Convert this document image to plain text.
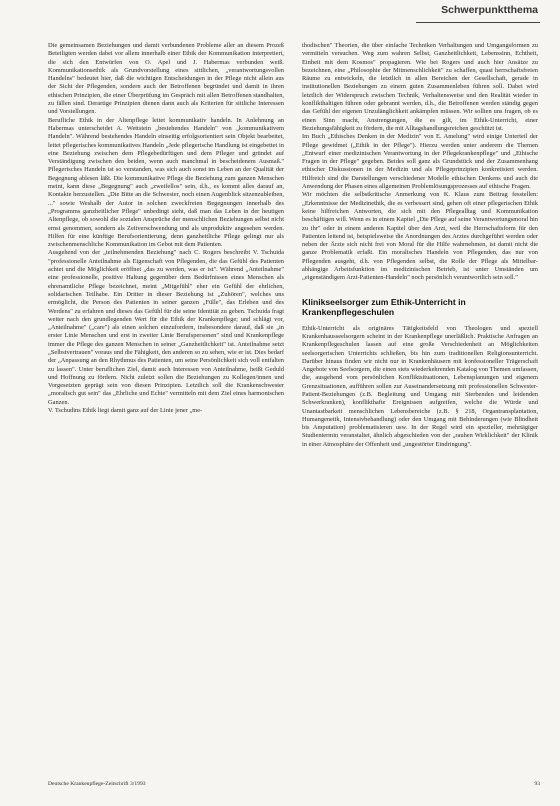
Schwerpunktthema

Die gemeinsamen Beziehungen und damit verbundenen Probleme aller an diesem Prozeß Beteiligten werden dabei vor allem innerhalb einer Ethik der Kommunikation interpretiert, die sich den Entwürfen von O. Apel und J. Habermas verbunden weiß. Kommunikationsethik als Grundvorstellung eines sittlichen, „verantwortungsvollen Handelns" bedeutet hier, daß die wichtigen Entscheidungen in der Pflege nicht allein aus der Sicht der Pflegenden, sondern auch der Betroffenen begründet und damit in ihren ethischen Prinzipien, die einer Überprüfung im Gespräch mit allen Betroffenen standhalten, zu fällen sind. Derartige Prinzipien dienen dann auch als Kriterien für sittliche Interessen und Vorstellungen.

Berufliche Ethik in der Altenpflege leitet kommunikativ handeln. In Anlehnung an Habermas unterscheidet A. Wettstein „bestehendes Handeln" von „kommunikativem Handeln". Während bestehendes Handeln einseitig erfolgsorientiert sein Objekt bearbeitet, leitet pflegerisches kommunikatives Handeln „Jede pflegerische Handlung ist eingebettet in eine Beziehung zwischen dem Pflegebedürftigen und dem Pfleger und gründet auf Verständigung zwischen den beiden, wenn auch manchmal in bescheidenem Ausmaß." Pflegerisches Handeln ist so verstanden, was sich auch sonst im Leben an der Qualität der Begegnung ablesen läßt. Die kommunikative Pflege die Beziehung zum ganzen Menschen meint, kann diese „Begegnung" auch „zweifellos" sein, d.h., es kommt alles darauf an, Kontakte herzustellen. „Die Bitte an die Schwester, noch einen Augenblick sitzenzubleiben, ..." sowie Weshalb der Autor in solchen zweckfreien Begegnungen innerhalb des „Programms ganzheitlicher Pflege" unbedingt sieht, daß man das Leben in der heutigen Altenpflege, ob sowohl die sozialen Ansprüche der menschlichen Beziehungen selbst nicht ernst genommen, sondern als Zeitverschwendung und als unproduktiv angesehen werden. Hilfen für eine künftige Berufsorientierung, denn ganzheitliche Pflege gelingt nur als zwischenmenschliche Kommunikation im Gebot mit dem Patienten.

Ausgehend von der „teilnehmenden Beziehung" nach C. Rogers beschreibt V. Tschuida "professionelle Anteilnahme als Eigenschaft von Pflegenden, die das Gefühl des Patienten achtet und die Möglichkeit eröffnet „das zu werden, was er ist". Während „Anteilnahme" eine professionelle, positive Haltung gegenüber dem Bedürfnissen eines Menschen als ehrenamtliche Pflege bezeichnet, meint „Mitgefühl" eher ein Gefühl der ehrlichen, solidarischen Teilhabe. Ein Dritter in dieser Beziehung ist „Zuhören", welches uns ermöglicht, die Person des Patienten in seiner ganzen „Fülle", das Erleben und des Werdens" zu erfahren und dieses das Gefühl für die seine Identität zu geben. Tschuida fragt weiter nach den grundlegenden Wert für die Ethik der Krankenpflege; und schlägt vor, „Anteilnahme" („care") als einen solchen einzufordern, insbesondere darauf, daß sie „in erster Linie Menschen und erst in zweiter Linie Berufspersonen" sind und Krankenpflege immer die Pflege des ganzen Menschen in seiner „Ganzheitlichkeit" ist. Anteilnahme setzt „Selbstvertrauen" voraus und die Fähigkeit, den anderen so zu sehen, wie er ist. Dies bedarf der „Anpassung an den Rhythmus des Patienten, um seine Persönlichkeit sich voll entfalten zu lassen". Unter beruflichen Ziel, damit auch Interessen von Anteilnahme, heißt Geduld und Hoffnung zu fördern. Nicht zuletzt sollen die Beziehungen zu Kollegen/innen und Vorgesetzten geprägt sein von diesen Prinzipien. Letztlich soll die Krankenschwester „moralisch gut sein" das „Ehrliche und Echte" vermitteln mit dem Ziel eines harmonischen Ganzen.

V. Tschudins Ethik liegt damit ganz auf der Linie jener „me-

thodischen" Theorien, die über einfache Techniken Verhaltungen und Umgangsformen zu vermitteln versuchen. Weg zum wahren Selbst, Ganzheitlichkeit, Lebenssinn, Echtheit, Einheit mit dem Kosmos" propagieren. Wie bei Rogers und auch hier Ansätze zu bezeichnen, eine „Philosophie der Mitmenschlichkeit" zu schaffen, quasi herrschaftsfreien Räume zu entwickeln, die letztlich in allen Bereichen der Gesellschaft, gerade in institutionellen Beziehungen zu einem guten Zusammenleben führen soll. Dabei wird letztlich der Widerspruch zwischen Technik, Verhaltensweise und den Realität wieder in konflikthaltigen führen oder gebrannt werden, d.h., die Betroffenen werden ständig gegen das Gefühl der eigenen Unzulänglichkeit ankämpfen müssen. Wir sollten uns fragen, ob es einen Sinn macht, Anstrengungen, die es gilt, im Ethik-Unterricht, einer Beziehungsfähigkeit zu fördern, die mit Alltagshandlungsreichen geschützt ist.

Im Buch „Ethisches Denken in der Medizin" von E. Amelung" wird einige Unterteil der Pflege gewidmet („Ethik in der Pflege"). Hierzu werden unter anderem die Themen „Entwurf einer medizinischen Verantwortung in der Pflegekrankenpflege" und „Ethische Fragen in der Pflege" gegeben. Beides soll ganz als Grundstück und der Zusammenhang ethischer Diskussionen in der Medizin und als Pflegeprinzipien konkretisiert werden. Hilfreich sind die Darstellungen verschiedener Modelle ethischen Denkens und auch die Anwendung der Phasen eines allgemeinen Problemlösungsprozesses auf ethische Fragen.

Wir möchten die selbstkritische Anmerkung von K. Klaus zum Beitrag fesstellen: „Erkenntnisse der Medizinethik, die es verbessert sind, gehen oft einer pflegerischen Ethik keine hilfreichen Antworten, die sich mit den Pflegealltag und Kommunikation beschäftigen will. Wenn es in einem Kapitel „Die Pflege auf seine Verantwortungsmoral hin zu ihr" oder in einem anderen Kapitel über den Arzt, weil die Herrschaftsform für den Patienten leitend ist, beispielsweise die Anordnungen des Arztes durchgeführt werden oder neben der Ärzte sich nicht frei von Moral für die Hilfe wahrnehmen, ist damit nicht die ganze Problematik erfaßt. Ein moralisches Handeln von Pflegenden, das nur von Pflegenden ausgeht, d.h. von Pflegenden selbst, die Rolle der Pflege als Mittelbar-abhängige Arbeitsfunktion im medizinischen Betrieb, ist unter Umständen um „eigenständigem Arzt-Patienten-Handeln" noch persönlich verantwortlich sein soll."

Klinikseelsorger zum Ethik-Unterricht in Krankenpflegeschulen

Ethik-Unterricht als originäres Tätigkeitsfeld von Theologen und speziell Krankenhausseelsorgern scheint in der Krankenpflege unerläßlich. Praktische Anfragen an Krankenpflegeschulen lassen auf eine große Verschiedenheit an Möglichkeiten seelsorgerischen Unterrichts schließen, bis hin zum traditionellen Religionsunterricht. Darüber hinaus finden wir nicht nur in Krankenhäusern mit konfessioneller Trägerschaft Angebote von Seelsorgern, die einen stets wiederkehrenden Katalog von Themen umfassen, die, ausgehend vom persönlichen Konfliktsituationen, Lebensplanungen und eigenem Grenzsituationen, aufführen sollen zur Auseinandersetzung mit professionellen Schwester-Patient-Beziehungen (z.B. Begleitung und Umgang mit Sterbenden und leidenden Schwerkranken), konflikthafte Ereignissen aufgreifen, welche die Würde und Unantastbarkeit menschlichen Lebensbereiche (z.B. § 218, Organtransplantation, Humangenetik, Intensivbehandlung) oder den Umgang mit Behinderungen (wie Blindheit bis Amputation) problematisieren usw. In der Regel wird ein spezieller, mehrtägiger Studientermin veranstaltet, ähnlich abgeschieden von der „rauhen Wirklichkeit" der Klinik in einer Atmosphäre der Offenheit und „ungestörter Eindringung".

Deutsche Krankenpflege-Zeitschrift 3/1993	93
